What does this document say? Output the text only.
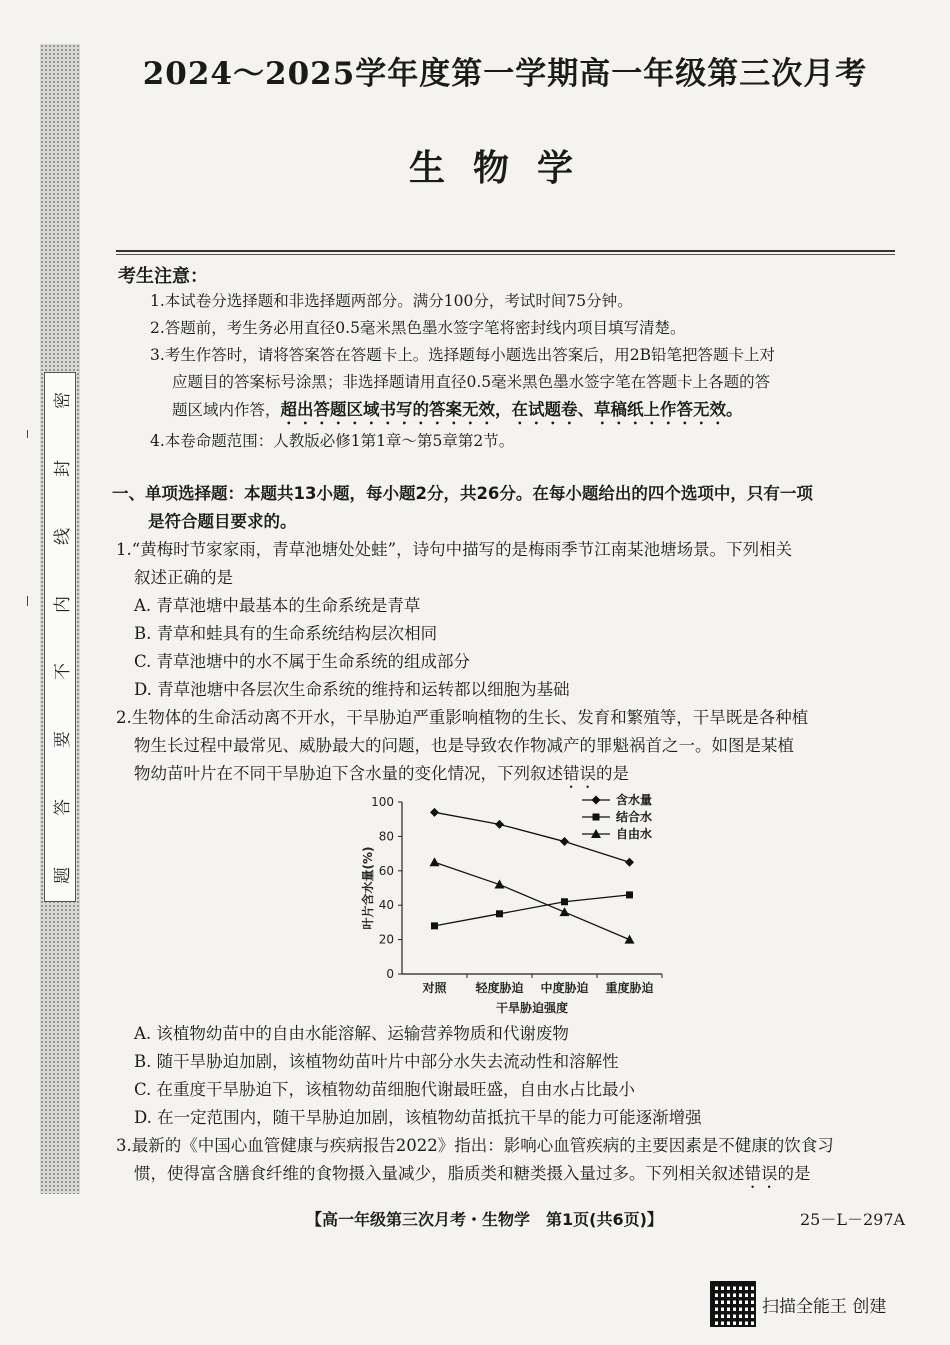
密
封
线
内
不
要
答
题
2024～2025学年度第一学期高一年级第三次月考
生物学
考生注意：

1.本试卷分选择题和非选择题两部分。满分100分，考试时间75分钟。

2.答题前，考生务必用直径0.5毫米黑色墨水签字笔将密封线内项目填写清楚。

3.考生作答时，请将答案答在答题卡上。选择题每小题选出答案后，用2B铅笔把答题卡上对

应题目的答案标号涂黑；非选择题请用直径0.5毫米黑色墨水签字笔在答题卡上各题的答

题区域内作答，超出答题区域书写的答案无效，在试题卷、草稿纸上作答无效。

4.本卷命题范围：人教版必修1第1章～第5章第2节。

一、单项选择题：本题共13小题，每小题2分，共26分。在每小题给出的四个选项中，只有一项

是符合题目要求的。

1.“黄梅时节家家雨，青草池塘处处蛙”，诗句中描写的是梅雨季节江南某池塘场景。下列相关

叙述正确的是

A. 青草池塘中最基本的生命系统是青草

B. 青草和蛙具有的生命系统结构层次相同

C. 青草池塘中的水不属于生命系统的组成部分

D. 青草池塘中各层次生命系统的维持和运转都以细胞为基础

2.生物体的生命活动离不开水，干旱胁迫严重影响植物的生长、发育和繁殖等，干旱既是各种植

物生长过程中最常见、威胁最大的问题，也是导致农作物减产的罪魁祸首之一。如图是某植

物幼苗叶片在不同干旱胁迫下含水量的变化情况，下列叙述错误的是

0
20
40
60
80
100
对照 轻度胁迫 中度胁迫 重度胁迫
含水量
结合水
自由水
叶片含水量(%)
干旱胁迫强度

A. 该植物幼苗中的自由水能溶解、运输营养物质和代谢废物

B. 随干旱胁迫加剧，该植物幼苗叶片中部分水失去流动性和溶解性

C. 在重度干旱胁迫下，该植物幼苗细胞代谢最旺盛，自由水占比最小

D. 在一定范围内，随干旱胁迫加剧，该植物幼苗抵抗干旱的能力可能逐渐增强

3.最新的《中国心血管健康与疾病报告2022》指出：影响心血管疾病的主要因素是不健康的饮食习

惯，使得富含膳食纤维的食物摄入量减少，脂质类和糖类摄入量过多。下列相关叙述错误的是

【高一年级第三次月考・生物学　第1页(共6页)】	25－L－297A
扫描全能王 创建
